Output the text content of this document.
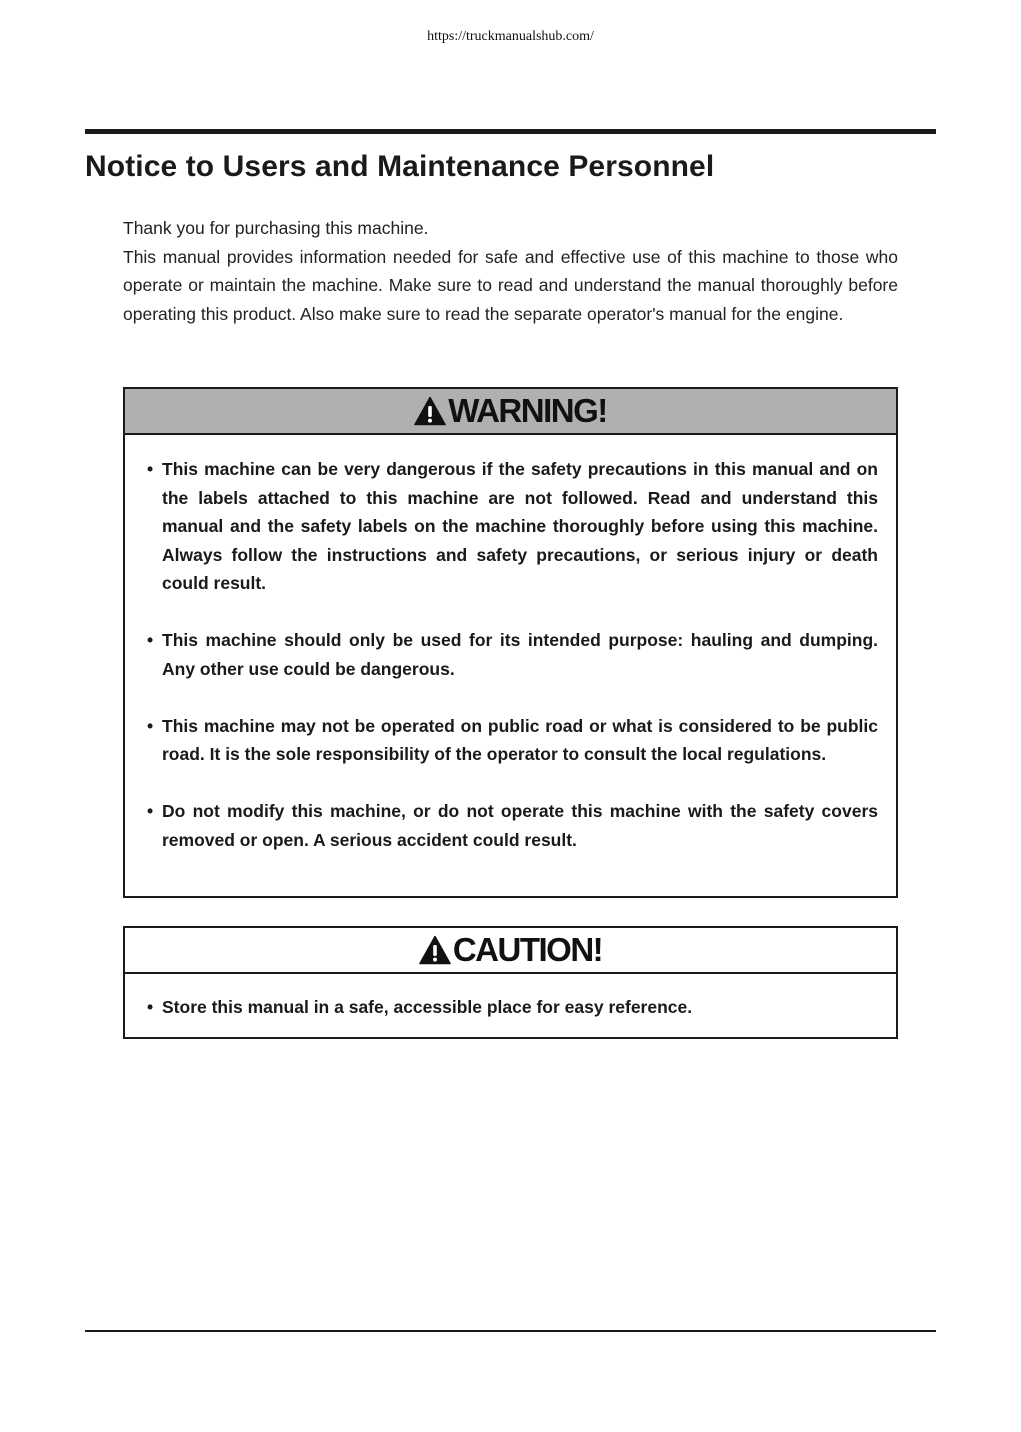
https://truckmanualshub.com/
Notice to Users and Maintenance Personnel

Thank you for purchasing this machine.

This manual provides information needed for safe and effective use of this machine to those who operate or maintain the machine. Make sure to read and understand the manual thoroughly before operating this product. Also make sure to read the separate operator's manual for the engine.

WARNING!
• This machine can be very dangerous if the safety precautions in this manual and on the labels attached to this machine are not followed. Read and understand this manual and the safety labels on the machine thoroughly before using this machine. Always follow the instructions and safety precautions, or serious injury or death could result.
• This machine should only be used for its intended purpose: hauling and dumping. Any other use could be dangerous.
• This machine may not be operated on public road or what is considered to be public road. It is the sole responsibility of the operator to consult the local regulations.
• Do not modify this machine, or do not operate this machine with the safety covers removed or open. A serious accident could result.
CAUTION!
• Store this manual in a safe, accessible place for easy reference.
